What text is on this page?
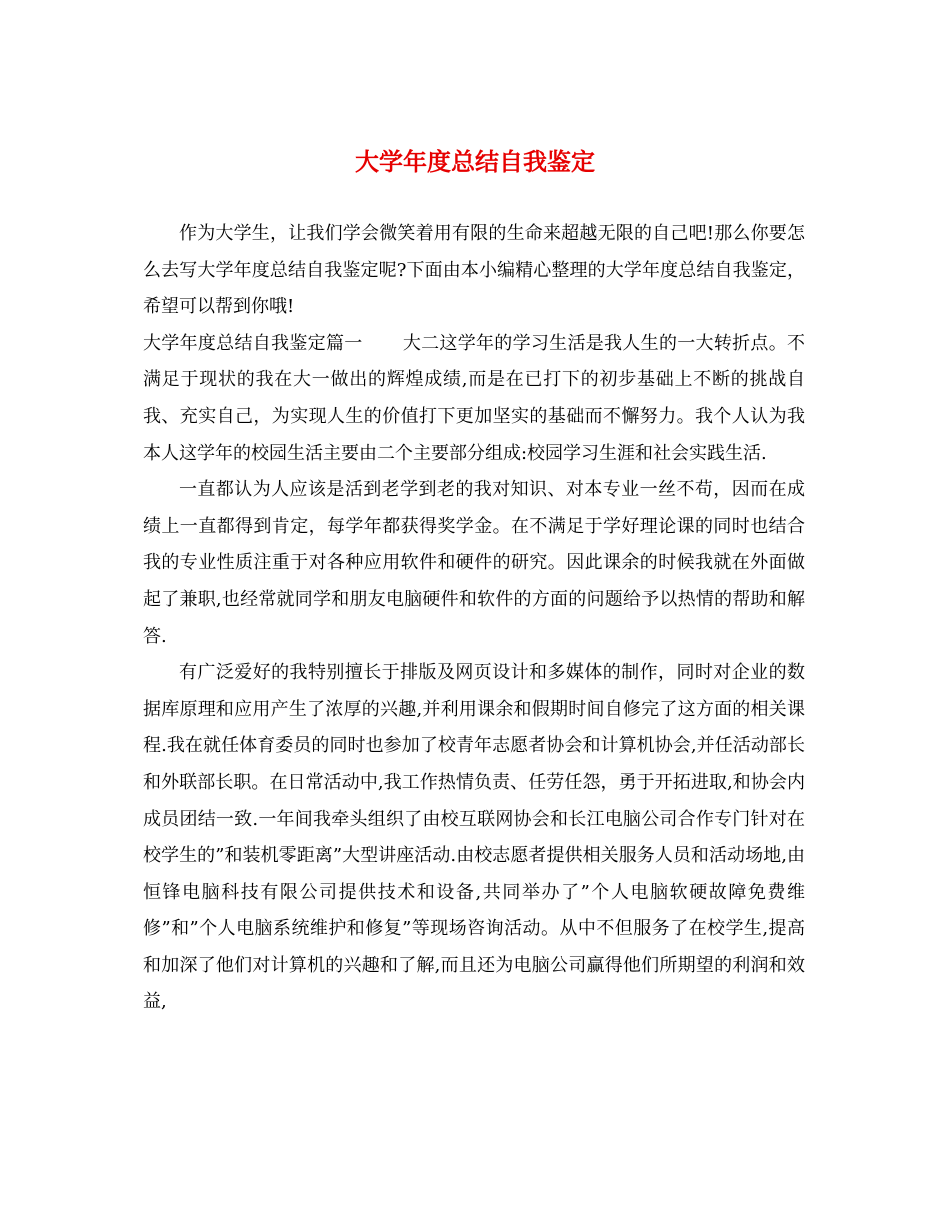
大学年度总结自我鉴定

作为大学生，让我们学会微笑着用有限的生命来超越无限的自己吧!那么你要怎么去写大学年度总结自我鉴定呢?下面由本小编精心整理的大学年度总结自我鉴定，希望可以帮到你哦!

大学年度总结自我鉴定篇一 大二这学年的学习生活是我人生的一大转折点。不满足于现状的我在大一做出的辉煌成绩,而是在已打下的初步基础上不断的挑战自我、充实自己，为实现人生的价值打下更加坚实的基础而不懈努力。我个人认为我本人这学年的校园生活主要由二个主要部分组成:校园学习生涯和社会实践生活.

一直都认为人应该是活到老学到老的我对知识、对本专业一丝不苟，因而在成绩上一直都得到肯定，每学年都获得奖学金。在不满足于学好理论课的同时也结合我的专业性质注重于对各种应用软件和硬件的研究。因此课余的时候我就在外面做起了兼职,也经常就同学和朋友电脑硬件和软件的方面的问题给予以热情的帮助和解答.

有广泛爱好的我特别擅长于排版及网页设计和多媒体的制作，同时对企业的数据库原理和应用产生了浓厚的兴趣,并利用课余和假期时间自修完了这方面的相关课程.我在就任体育委员的同时也参加了校青年志愿者协会和计算机协会,并任活动部长和外联部长职。在日常活动中,我工作热情负责、任劳任怨，勇于开拓进取,和协会内成员团结一致.一年间我牵头组织了由校互联网协会和长江电脑公司合作专门针对在校学生的”和装机零距离”大型讲座活动.由校志愿者提供相关服务人员和活动场地,由恒锋电脑科技有限公司提供技术和设备,共同举办了”个人电脑软硬故障免费维修”和”个人电脑系统维护和修复”等现场咨询活动。从中不但服务了在校学生,提高和加深了他们对计算机的兴趣和了解,而且还为电脑公司赢得他们所期望的利润和效益,
